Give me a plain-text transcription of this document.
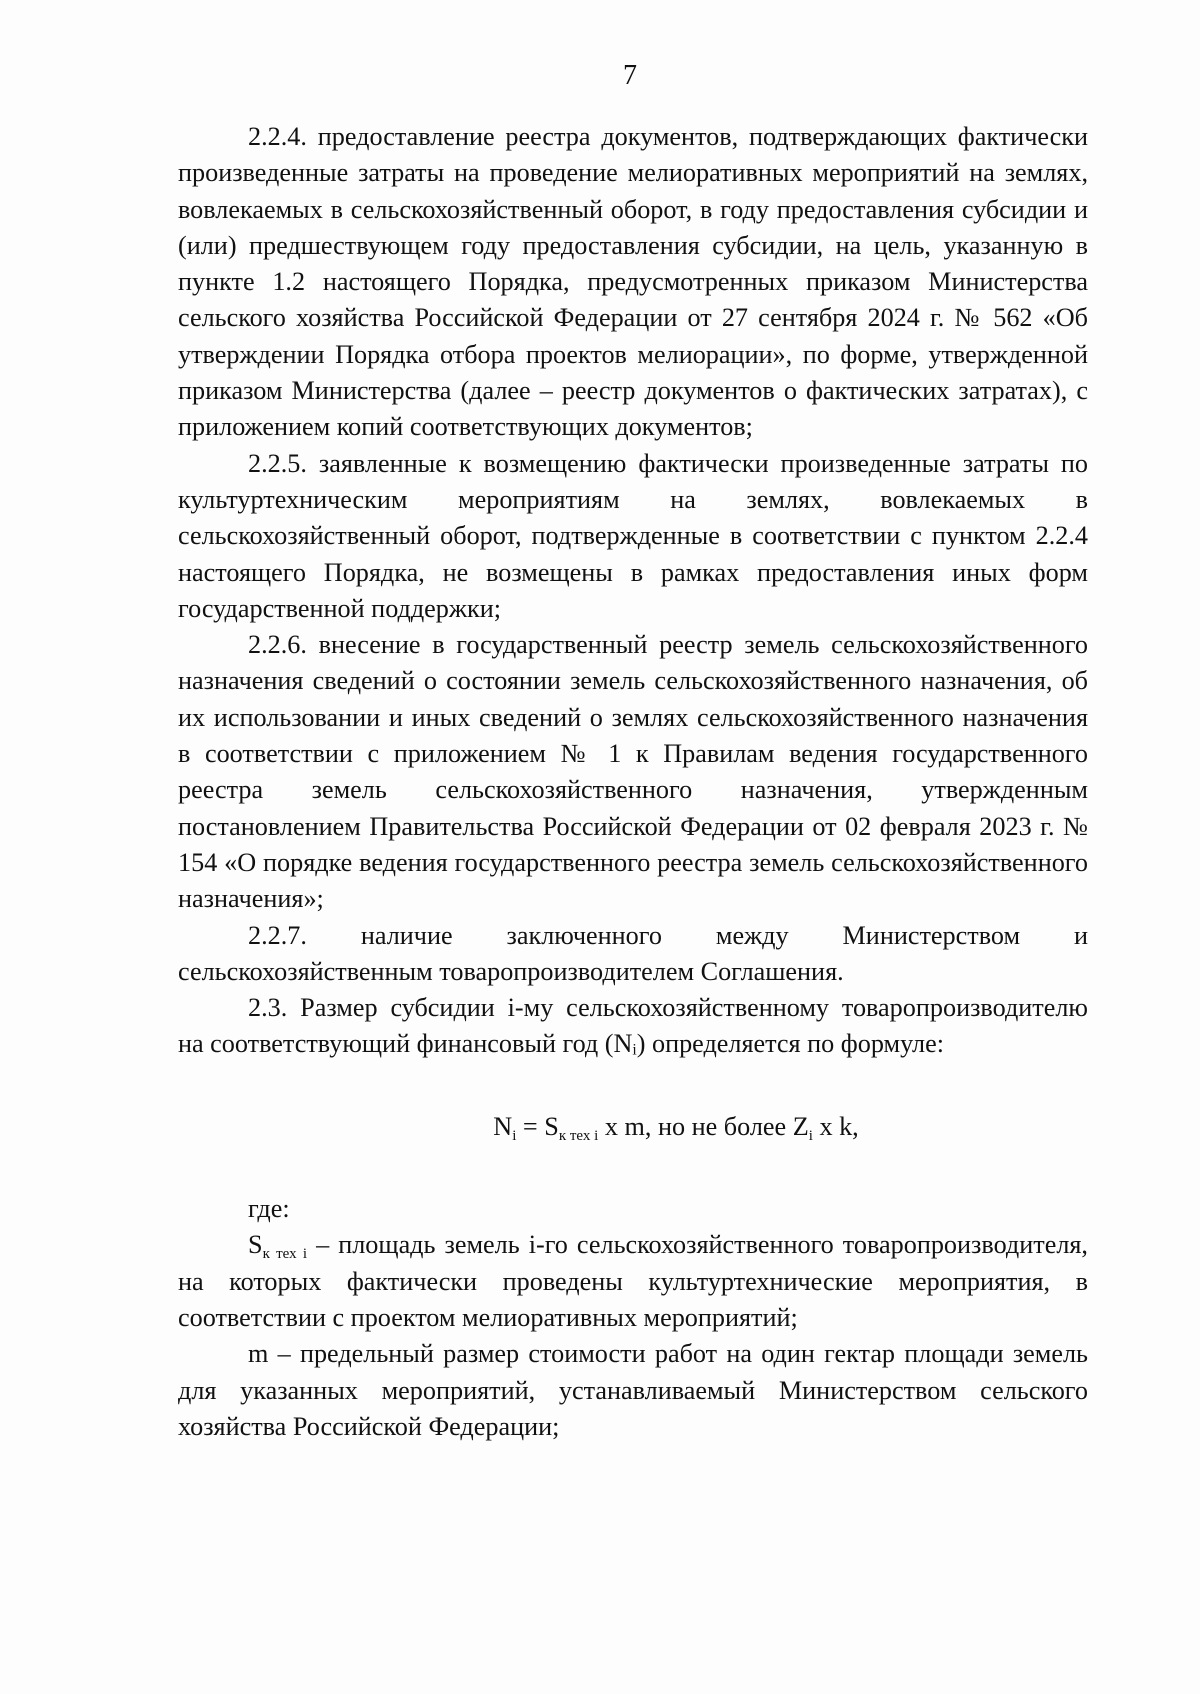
7

2.2.4. предоставление реестра документов, подтверждающих фактически произведенные затраты на проведение мелиоративных мероприятий на землях, вовлекаемых в сельскохозяйственный оборот, в году предоставления субсидии и (или) предшествующем году предоставления субсидии, на цель, указанную в пункте 1.2 настоящего Порядка, предусмотренных приказом Министерства сельского хозяйства Российской Федерации от 27 сентября 2024 г. № 562 «Об утверждении Порядка отбора проектов мелиорации», по форме, утвержденной приказом Министерства (далее – реестр документов о фактических затратах), с приложением копий соответствующих документов;

2.2.5. заявленные к возмещению фактически произведенные затраты по культуртехническим мероприятиям на землях, вовлекаемых в сельскохозяйственный оборот, подтвержденные в соответствии с пунктом 2.2.4 настоящего Порядка, не возмещены в рамках предоставления иных форм государственной поддержки;

2.2.6. внесение в государственный реестр земель сельскохозяйственного назначения сведений о состоянии земель сельскохозяйственного назначения, об их использовании и иных сведений о землях сельскохозяйственного назначения в соответствии с приложением № 1 к Правилам ведения государственного реестра земель сельскохозяйственного назначения, утвержденным постановлением Правительства Российской Федерации от 02 февраля 2023 г. № 154 «О порядке ведения государственного реестра земель сельскохозяйственного назначения»;

2.2.7. наличие заключенного между Министерством и сельскохозяйственным товаропроизводителем Соглашения.

2.3. Размер субсидии i-му сельскохозяйственному товаропроизводителю на соответствующий финансовый год (Nᵢ) определяется по формуле:

$N_i = S_{к тех i}$ x m, но не более $Z_i$ x k,

где:

$S_{к тех i}$ – площадь земель i-го сельскохозяйственного товаропроизводителя, на которых фактически проведены культуртехнические мероприятия, в соответствии с проектом мелиоративных мероприятий;

m – предельный размер стоимости работ на один гектар площади земель для указанных мероприятий, устанавливаемый Министерством сельского хозяйства Российской Федерации;
